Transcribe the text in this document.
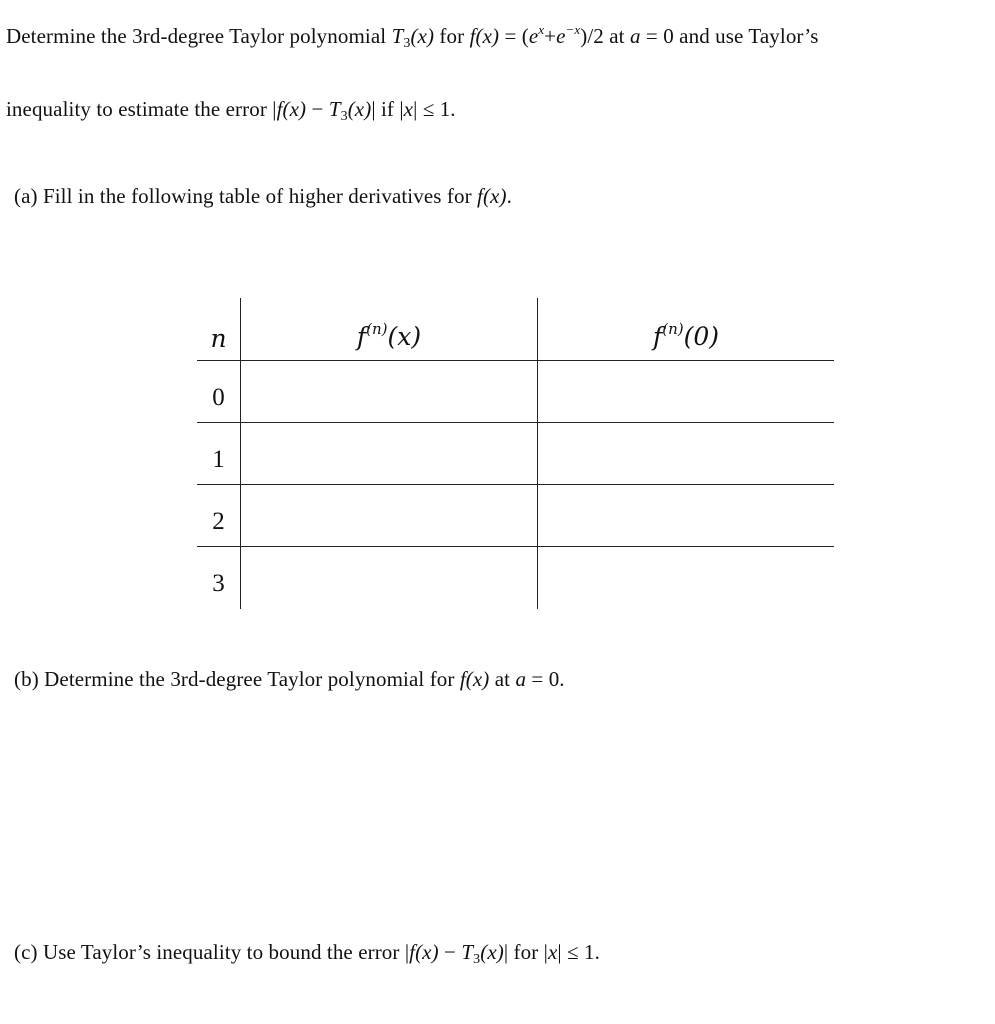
Determine the 3rd-degree Taylor polynomial $T_3(x)$ for $f(x) = (e^x+e^{-x})/2$ at a = 0 and use Taylor’s
inequality to estimate the error $|f(x) - T_3(x)|$ if |x| ≤ 1.
(a) Fill in the following table of higher derivatives for f(x).
n	$f^{(n)}(x)$	$f^{(n)}(0)$
0
1
2
3
(b) Determine the 3rd-degree Taylor polynomial for f(x) at a = 0.
(c) Use Taylor’s inequality to bound the error $|f(x) - T_3(x)|$ for |x| ≤ 1.
